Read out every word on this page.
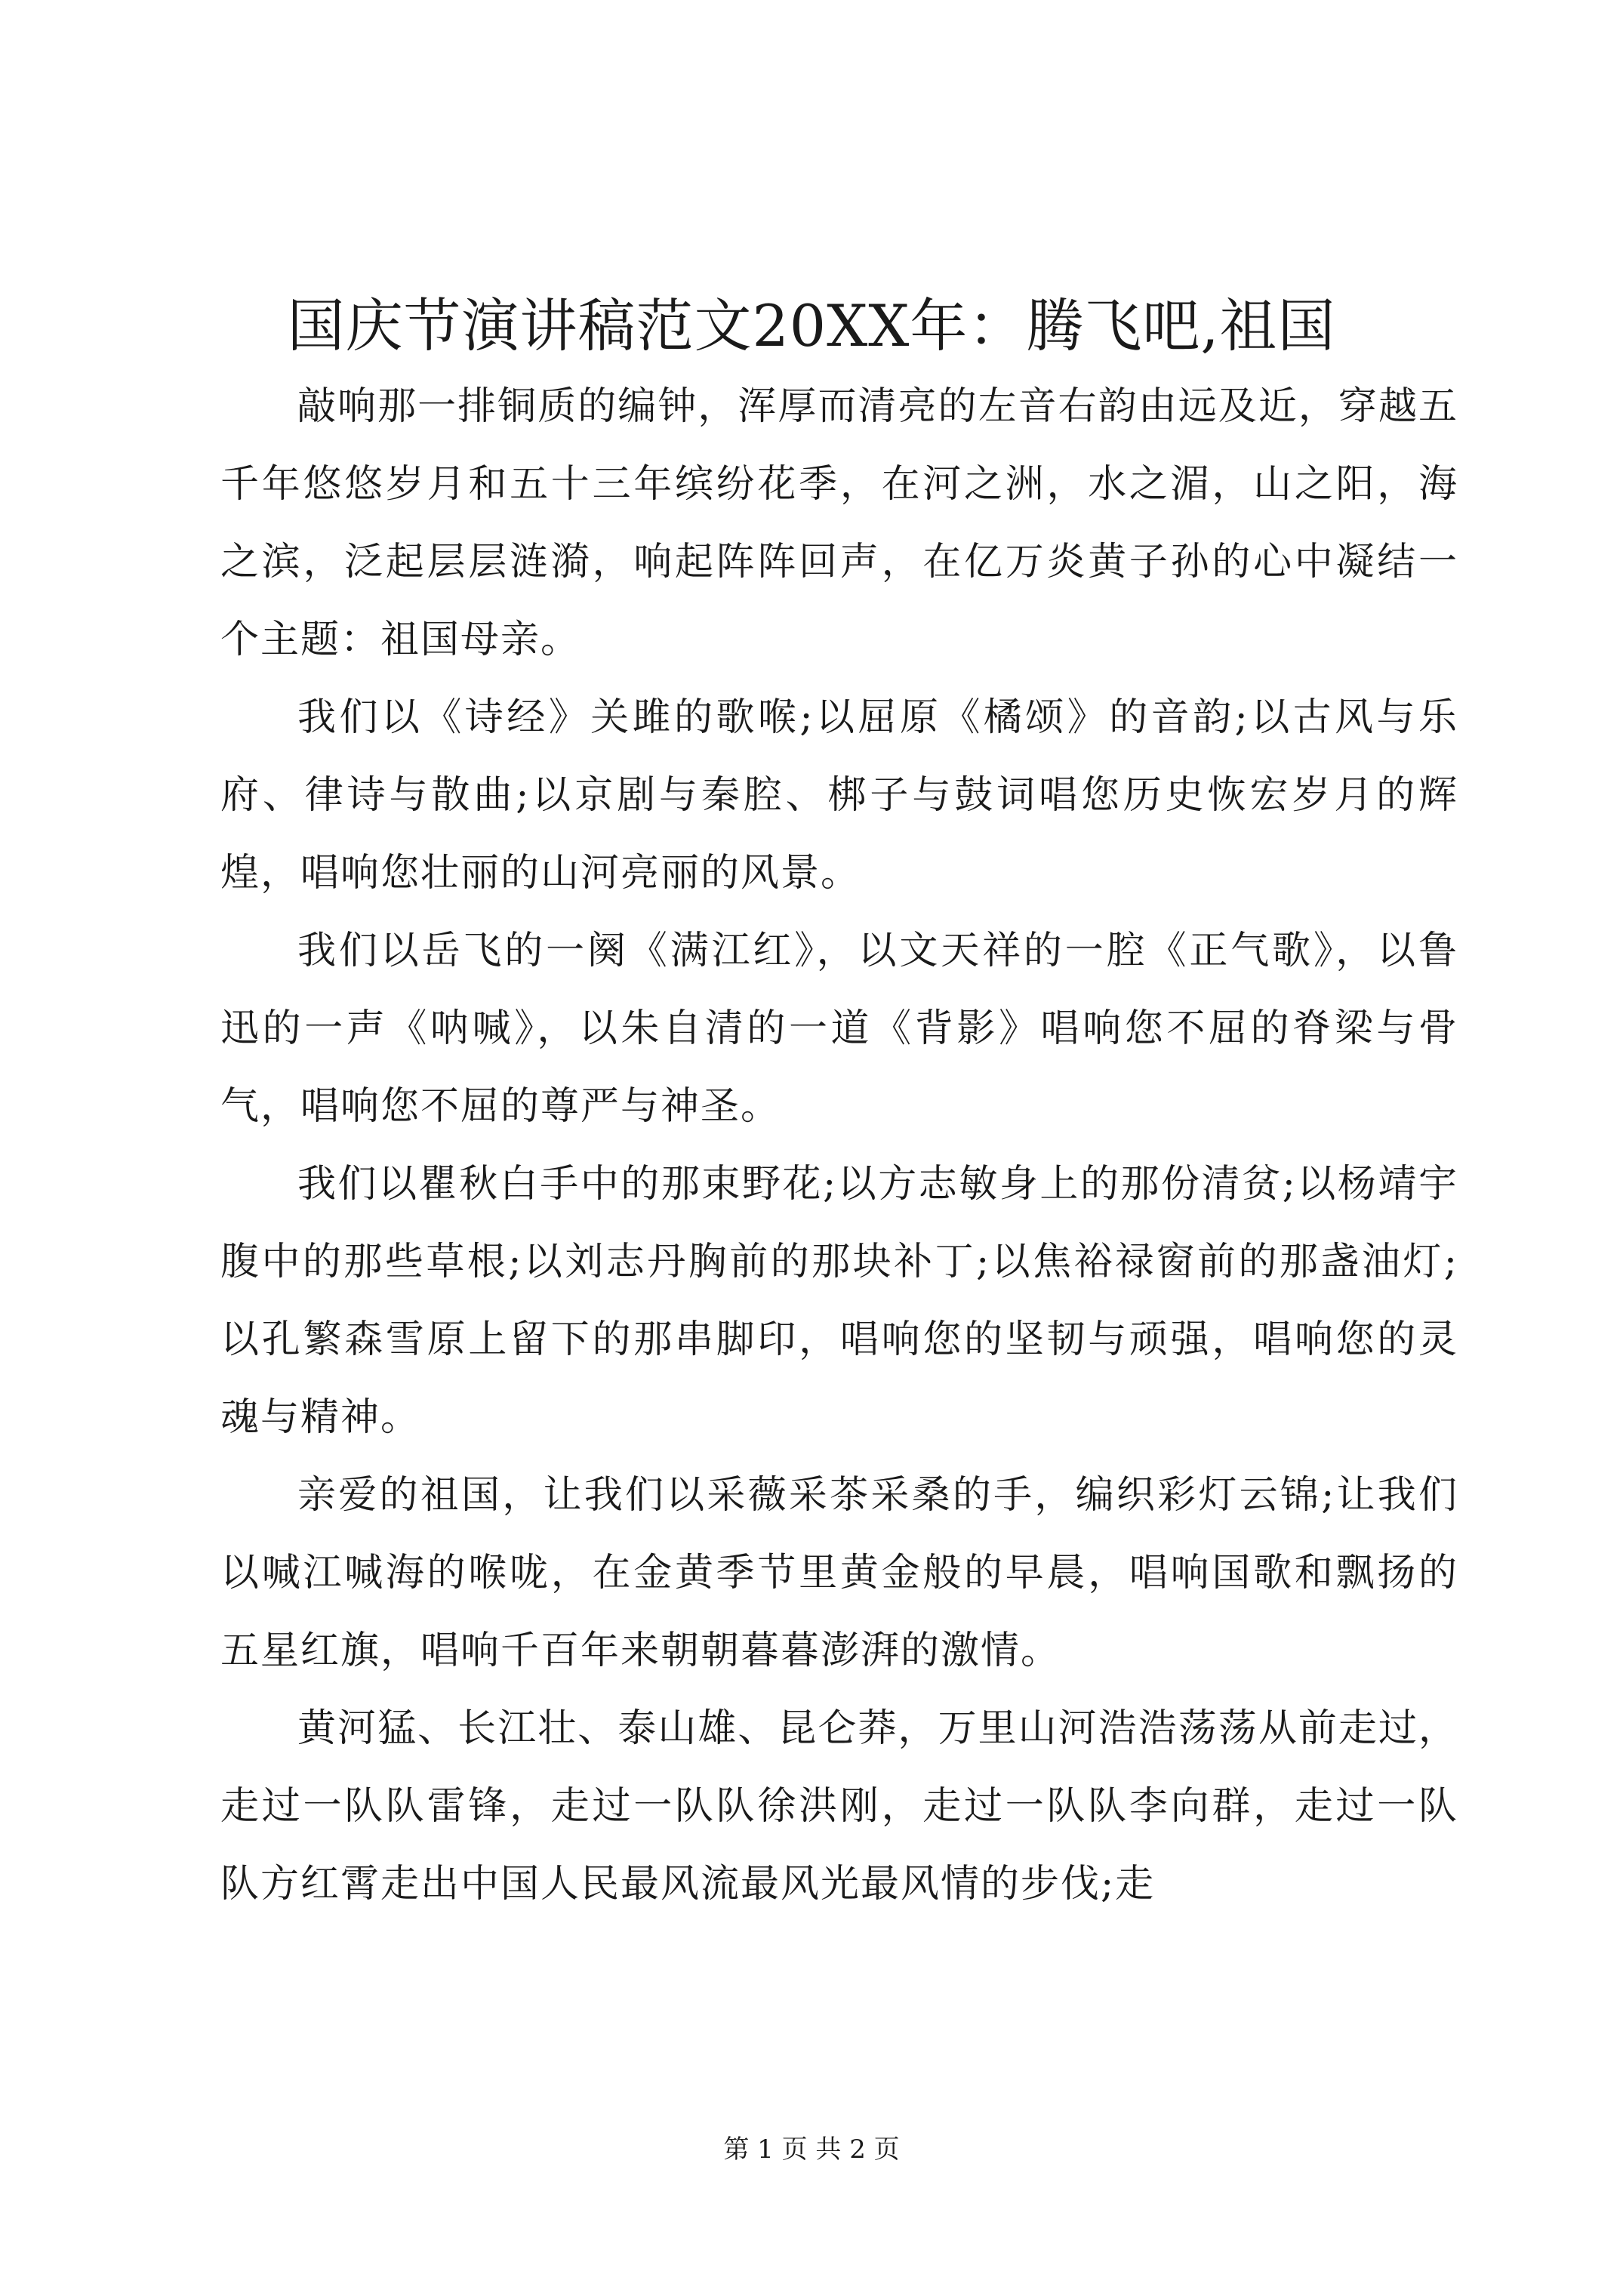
国庆节演讲稿范文20XX年：腾飞吧,祖国

敲响那一排铜质的编钟，浑厚而清亮的左音右韵由远及近，穿越五千年悠悠岁月和五十三年缤纷花季，在河之洲，水之湄，山之阳，海之滨，泛起层层涟漪，响起阵阵回声，在亿万炎黄子孙的心中凝结一个主题：祖国母亲。

我们以《诗经》关雎的歌喉;以屈原《橘颂》的音韵;以古风与乐府、律诗与散曲;以京剧与秦腔、梆子与鼓词唱您历史恢宏岁月的辉煌，唱响您壮丽的山河亮丽的风景。

我们以岳飞的一阕《满江红》，以文天祥的一腔《正气歌》，以鲁迅的一声《呐喊》，以朱自清的一道《背影》唱响您不屈的脊梁与骨气，唱响您不屈的尊严与神圣。

我们以瞿秋白手中的那束野花;以方志敏身上的那份清贫;以杨靖宇腹中的那些草根;以刘志丹胸前的那块补丁;以焦裕禄窗前的那盏油灯;以孔繁森雪原上留下的那串脚印，唱响您的坚韧与顽强，唱响您的灵魂与精神。

亲爱的祖国，让我们以采薇采茶采桑的手，编织彩灯云锦;让我们以喊江喊海的喉咙，在金黄季节里黄金般的早晨，唱响国歌和飘扬的五星红旗，唱响千百年来朝朝暮暮澎湃的激情。

黄河猛、长江壮、泰山雄、昆仑莽，万里山河浩浩荡荡从前走过，走过一队队雷锋，走过一队队徐洪刚，走过一队队李向群，走过一队队方红霄走出中国人民最风流最风光最风情的步伐;走

第 1 页 共 2 页
